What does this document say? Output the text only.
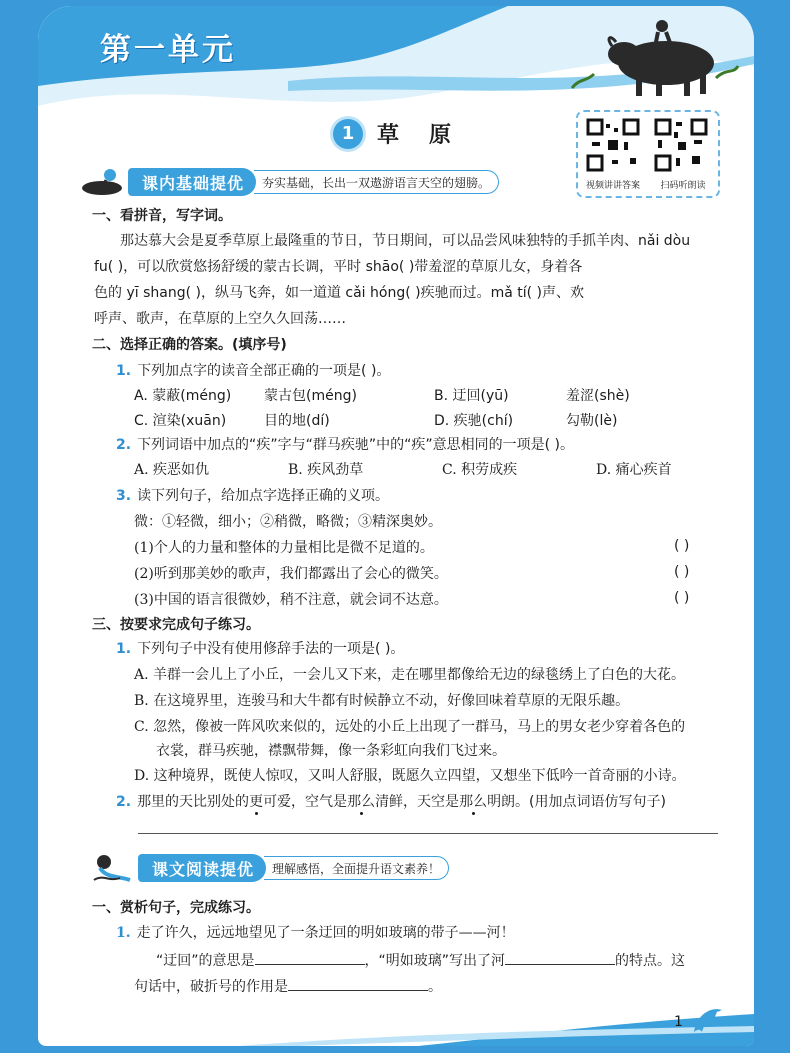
第一单元
1	草原
视频讲讲答案	扫码听朗读
课内基础提优	夯实基础，长出一双遨游语言天空的翅膀。
一、看拼音，写字词。
那达慕大会是夏季草原上最隆重的节日，节日期间，可以品尝风味独特的手抓羊肉、nǎi dòu
fu( )，可以欣赏悠扬舒缓的蒙古长调，平时 shāo( )带羞涩的草原儿女，身着各
色的 yī shang( )，纵马飞奔，如一道道 cǎi hóng( )疾驰而过。mǎ tí( )声、欢
呼声、歌声，在草原的上空久久回荡……
二、选择正确的答案。(填序号)
1. 下列加点字的读音全部正确的一项是( )。
A. 蒙蔽(méng) 蒙古包(méng)	B. 迂回(yū)	羞涩(shè)
C. 渲染(xuān)	目的地(dí)	D. 疾驰(chí)	勾勒(lè)
2. 下列词语中加点的“疾”字与“群马疾驰”中的“疾”意思相同的一项是( )。
A. 疾恶如仇	B. 疾风劲草	C. 积劳成疾	D. 痛心疾首
3. 读下列句子，给加点字选择正确的义项。
微：①轻微，细小；②稍微，略微；③精深奥妙。
(1)个人的力量和整体的力量相比是微不足道的。	( )
(2)听到那美妙的歌声，我们都露出了会心的微笑。	( )
(3)中国的语言很微妙，稍不注意，就会词不达意。	( )
三、按要求完成句子练习。
1. 下列句子中没有使用修辞手法的一项是( )。
A. 羊群一会儿上了小丘，一会儿又下来，走在哪里都像给无边的绿毯绣上了白色的大花。
B. 在这境界里，连骏马和大牛都有时候静立不动，好像回味着草原的无限乐趣。
C. 忽然，像被一阵风吹来似的，远处的小丘上出现了一群马，马上的男女老少穿着各色的
衣裳，群马疾驰，襟飘带舞，像一条彩虹向我们飞过来。
D. 这种境界，既使人惊叹，又叫人舒服，既愿久立四望，又想坐下低吟一首奇丽的小诗。
2. 那里的天比别处的更可爱，空气是那么清鲜，天空是那么明朗。(用加点词语仿写句子)
课文阅读提优	理解感悟，全面提升语文素养！
一、赏析句子，完成练习。
1. 走了许久，远远地望见了一条迂回的明如玻璃的带子——河！
“迂回”的意思是	，“明如玻璃”写出了河	的特点。这
句话中，破折号的作用是	。
1
